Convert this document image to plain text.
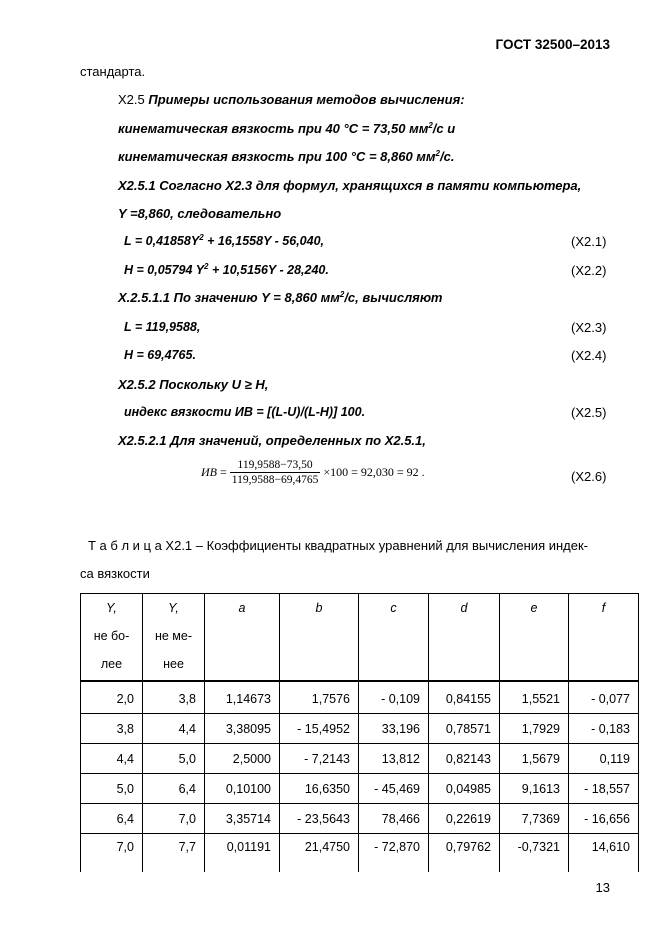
ГОСТ 32500–2013
стандарта.
X2.5 Примеры использования методов вычисления:
кинематическая вязкость при 40 °С = 73,50 $мм^2/с$ и
кинематическая вязкость при 100 °С = 8,860 $мм^2/с$.
X2.5.1 Согласно X2.3 для формул, хранящихся в памяти компьютера,
Y =8,860, следовательно
$L = 0,41858Y^2 + 16,1558Y - 56,040$,	(X2.1)
H = 0,05794 $Y^2 + 10,5156Y - 28,240$.	(X2.2)
X.2.5.1.1 По значению Y = 8,860 $мм^2/с$, вычисляют
L = 119,9588,	(X2.3)
H = 69,4765.	(X2.4)
X2.5.2 Поскольку U ≥ H,
индекс вязкости ИВ = [(L-U)/(L-H)] 100.	(X2.5)
X2.5.2.1 Для значений, определенных по X2.5.1,
ИВ = $\frac{119,9588-73,50}{119,9588-69,4765} \times 100 = 92,030 = 92$ .	(X2.6)
Т а б л и ц а X2.1 – Коэффициенты квадратных уравнений для вычисления индек-
са вязкости
Y,
не бо-
лее	Y,
не ме-
нее	a	b	c	d	e	f
2,0	3,8	1,14673	1,7576	- 0,109	0,84155	1,5521	- 0,077
3,8	4,4	3,38095	- 15,4952	33,196	0,78571	1,7929	- 0,183
4,4	5,0	2,5000	- 7,2143	13,812	0,82143	1,5679	0,119
5,0	6,4	0,10100	16,6350	- 45,469	0,04985	9,1613	- 18,557
6,4	7,0	3,35714	- 23,5643	78,466	0,22619	7,7369	- 16,656
7,0	7,7	0,01191	21,4750	- 72,870	0,79762	-0,7321	14,610
13
